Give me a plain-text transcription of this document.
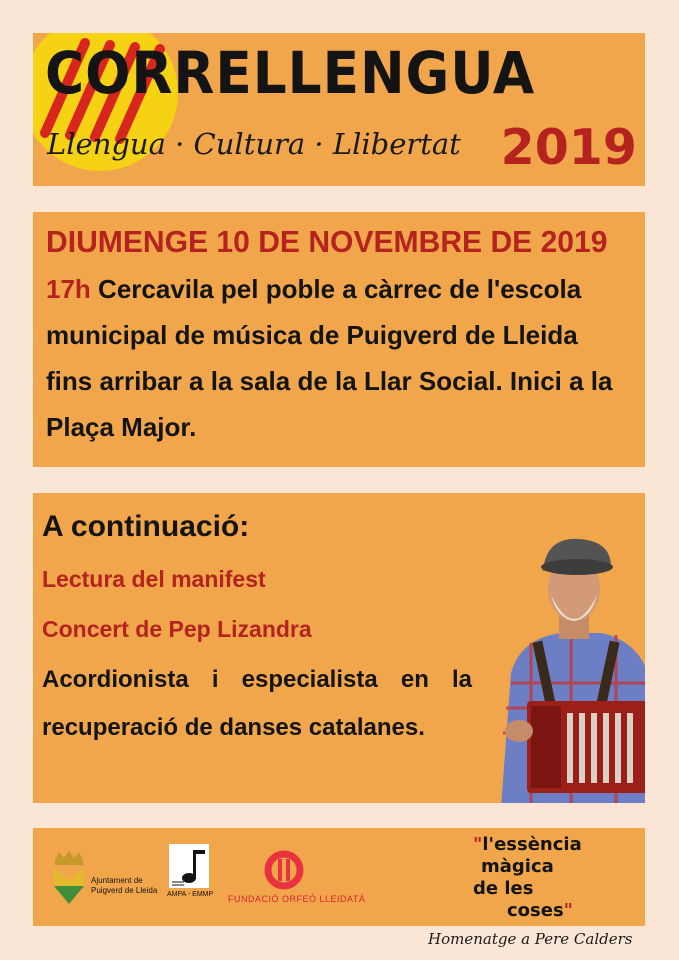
CORRELLENGUA
Llengua · Cultura · Llibertat 2019
DIUMENGE 10 DE NOVEMBRE DE 2019
17h Cercavila pel poble a càrrec de l'escola municipal de música de Puigverd de Lleida fins arribar a la sala de la Llar Social. Inici a la Plaça Major.
A continuació:
Lectura del manifest
Concert de Pep Lizandra
Acordionista i especialista en la recuperació de danses catalanes.
Ajuntament de
Puigverd de Lleida AMPA - EMMP FUNDACIÓ ORFEÓ LLEIDATÀ
"l'essència
màgica
de les
coses"
Homenatge a Pere Calders
